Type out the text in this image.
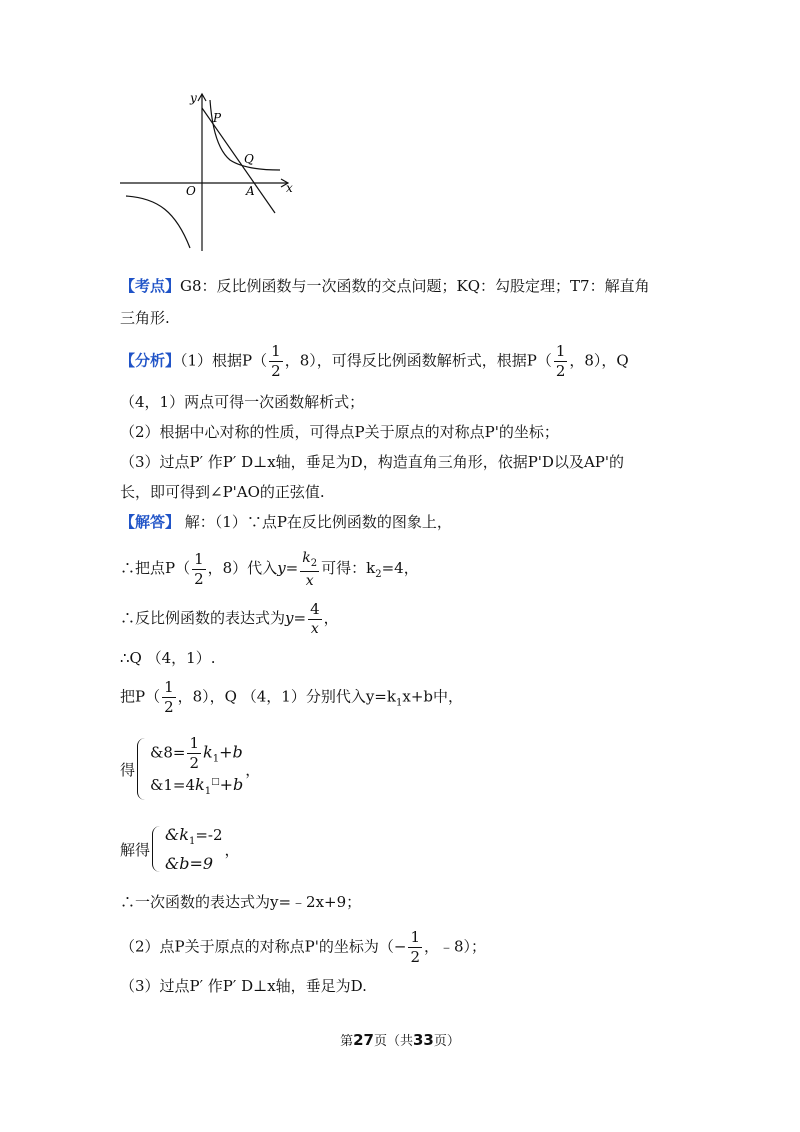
y
x
O
P
Q
A
【考点】G8：反比例函数与一次函数的交点问题；KQ：勾股定理；T7：解直角
三角形.
【分析】（1）根据$P( \frac{1}{2}$ ，8），可得反比例函数解析式，根据$P( \frac{1}{2}$ ，8），Q
（4，1）两点可得一次函数解析式；
（2）根据中心对称的性质，可得点P关于原点的对称点P'的坐标；
（3）过点P′ 作P′ D⊥x轴，垂足为D，构造直角三角形，依据P'D以及AP'的
长，即可得到∠P'AO的正弦值.
【解答】 解：（1）∵点P在反比例函数的图象上，
∴把点$P( \frac{1}{2}$ ，8）代入$y= \frac{k_2}{x}$ 可得：$k_2=4$，
∴反比例函数的表达式为$y= \frac{4}{x}$ ，
∴Q （4，1）.
把$P( \frac{1}{2}$ ，8），Q （4，1）分别代入$y=k_1x+b$中，
得
&8= $\frac{1}{2} k_1+b$
$\&1=4k_1^□+b$
，
解得
$\&k_1=-2$
&b=9
，
∴一次函数的表达式为y=﹣2x+9；
（2）点P关于原点的对称点P'的坐标为（− $\frac{1}{2}$ ，﹣8）；
（3）过点P′ 作P′ D⊥x轴，垂足为D.
第27页（共33页）
